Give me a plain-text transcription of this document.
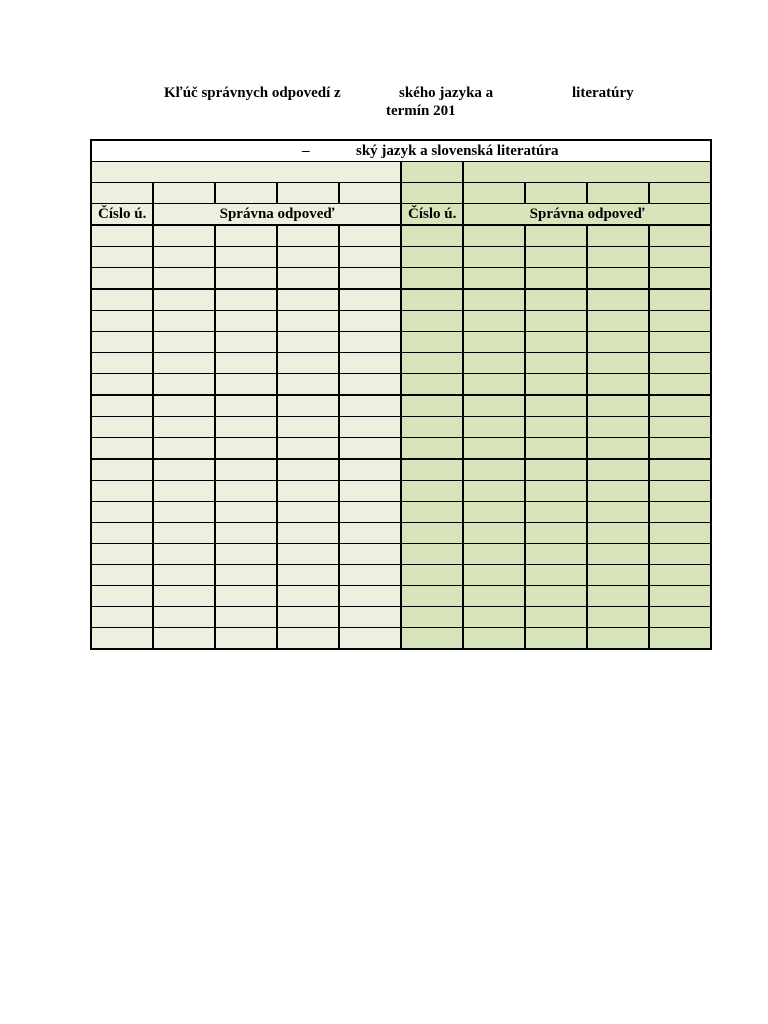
Kľúč správnych odpovedí z	ského jazyka a	literatúry
termín 201
– ský jazyk a slovenská literatúra									

Číslo ú.	Správna odpoveď				Číslo ú.	Správna odpoveď			
